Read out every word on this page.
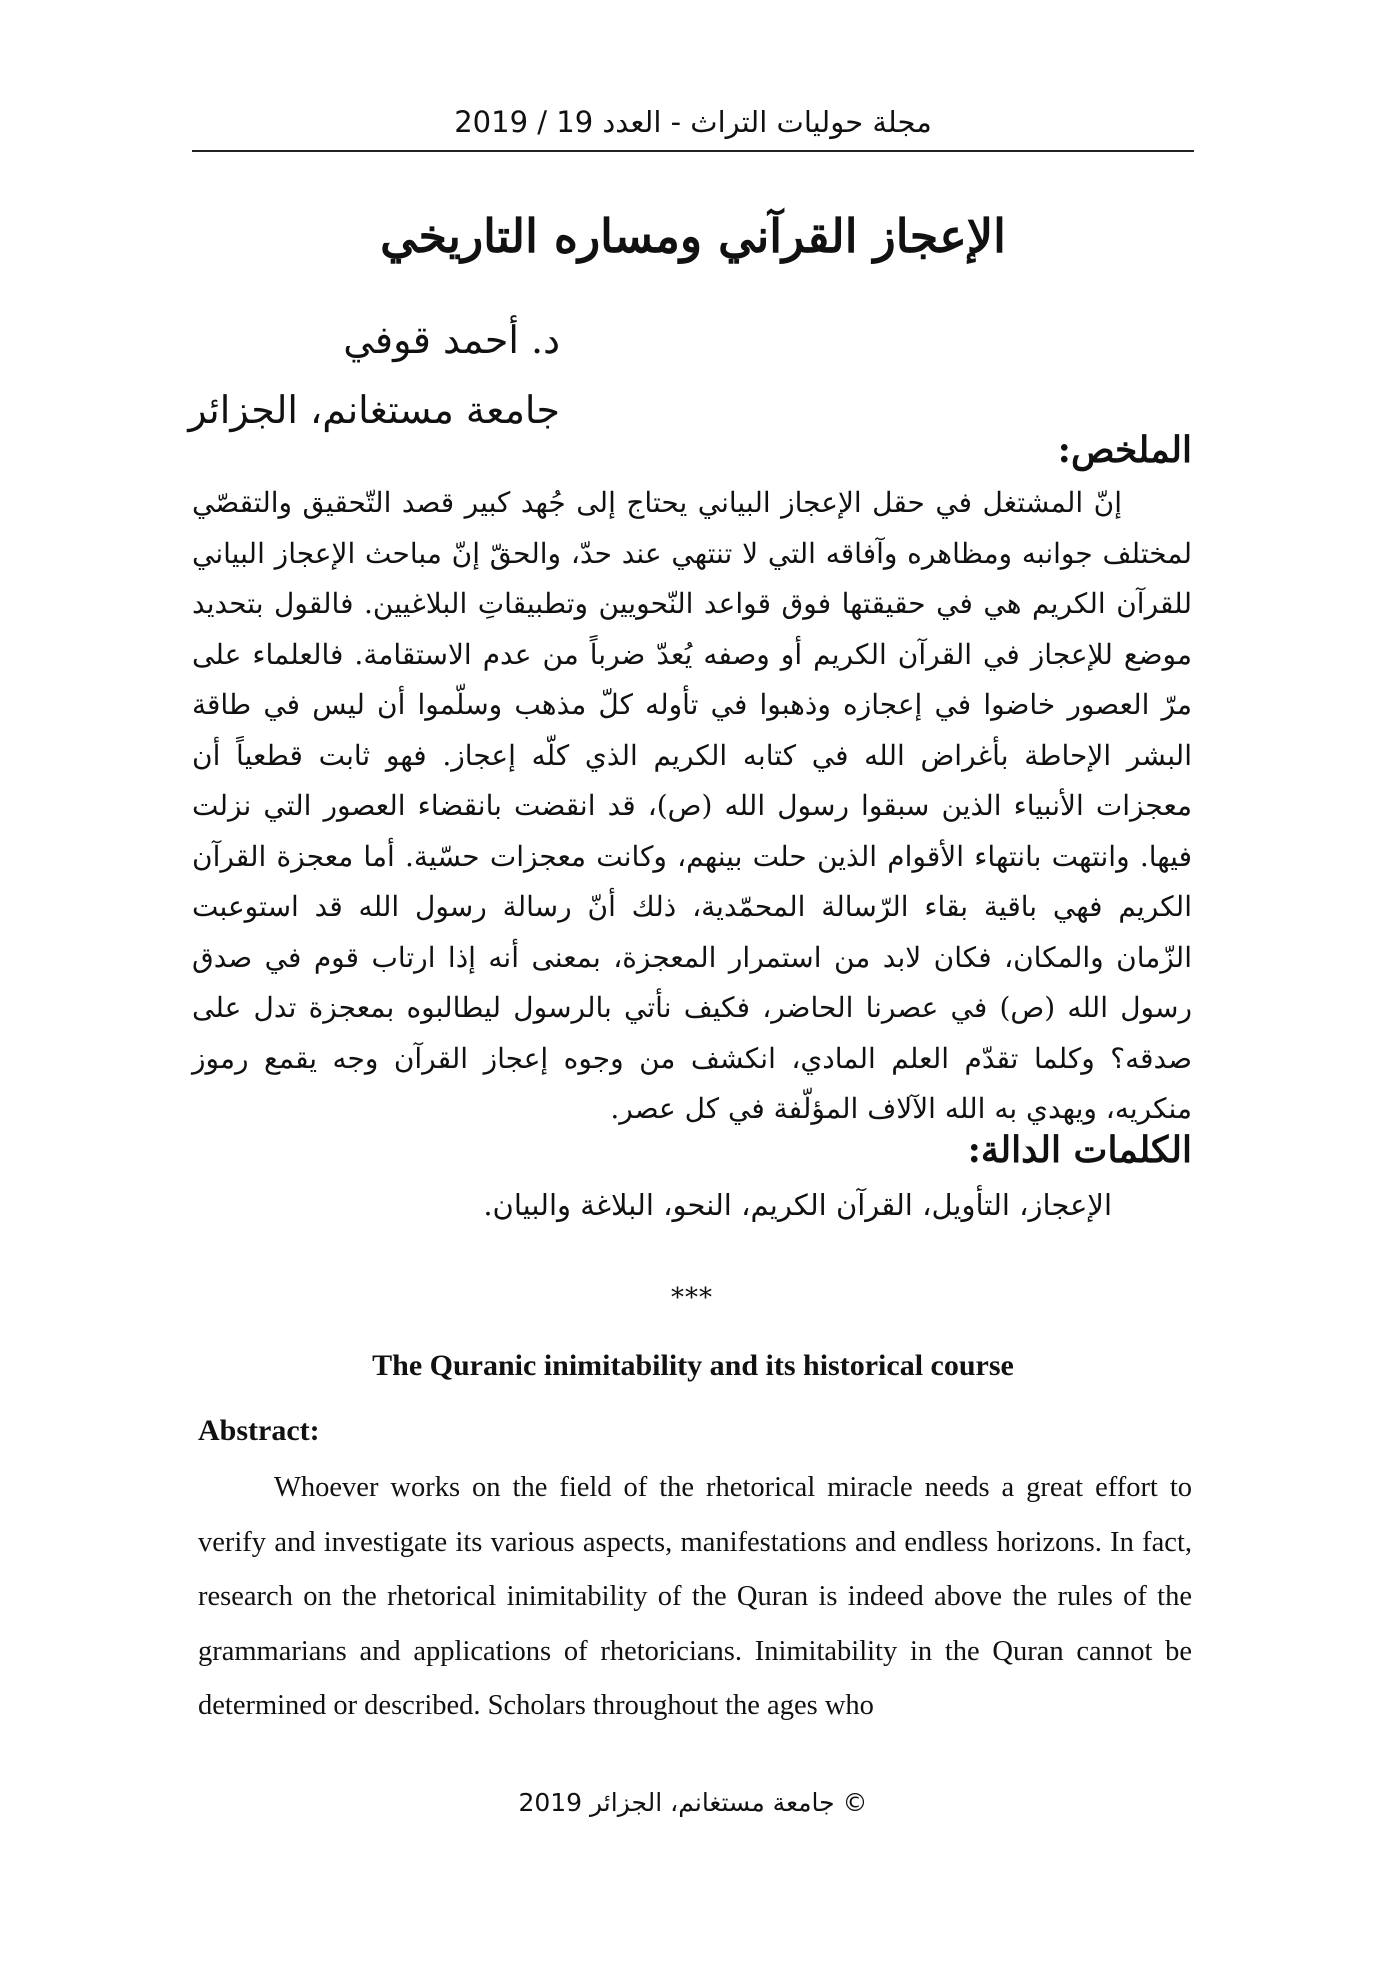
مجلة حوليات التراث - العدد 19 / 2019
الإعجاز القرآني ومساره التاريخي
د. أحمد قوفي
جامعة مستغانم، الجزائر
الملخص:
إنّ المشتغل في حقل الإعجاز البياني يحتاج إلى جُهد كبير قصد التّحقيق والتقصّي لمختلف جوانبه ومظاهره وآفاقه التي لا تنتهي عند حدّ، والحقّ إنّ مباحث الإعجاز البياني للقرآن الكريم هي في حقيقتها فوق قواعد النّحويين وتطبيقاتِ البلاغيين. فالقول بتحديد موضع للإعجاز في القرآن الكريم أو وصفه يُعدّ ضرباً من عدم الاستقامة. فالعلماء على مرّ العصور خاضوا في إعجازه وذهبوا في تأوله كلّ مذهب وسلّموا أن ليس في طاقة البشر الإحاطة بأغراض الله في كتابه الكريم الذي كلّه إعجاز. فهو ثابت قطعياً أن معجزات الأنبياء الذين سبقوا رسول الله (ص)، قد انقضت بانقضاء العصور التي نزلت فيها. وانتهت بانتهاء الأقوام الذين حلت بينهم، وكانت معجزات حسّية. أما معجزة القرآن الكريم فهي باقية بقاء الرّسالة المحمّدية، ذلك أنّ رسالة رسول الله قد استوعبت الزّمان والمكان، فكان لابد من استمرار المعجزة، بمعنى أنه إذا ارتاب قوم في صدق رسول الله (ص) في عصرنا الحاضر، فكيف نأتي بالرسول ليطالبوه بمعجزة تدل على صدقه؟ وكلما تقدّم العلم المادي، انكشف من وجوه إعجاز القرآن وجه يقمع رموز منكريه، ويهدي به الله الآلاف المؤلّفة في كل عصر.
الكلمات الدالة:
الإعجاز، التأويل، القرآن الكريم، النحو، البلاغة والبيان.
***
The Quranic inimitability and its historical course
Abstract:
Whoever works on the field of the rhetorical miracle needs a great effort to verify and investigate its various aspects, manifestations and endless horizons. In fact, research on the rhetorical inimitability of the Quran is indeed above the rules of the grammarians and applications of rhetoricians. Inimitability in the Quran cannot be determined or described. Scholars throughout the ages who
© جامعة مستغانم، الجزائر 2019
